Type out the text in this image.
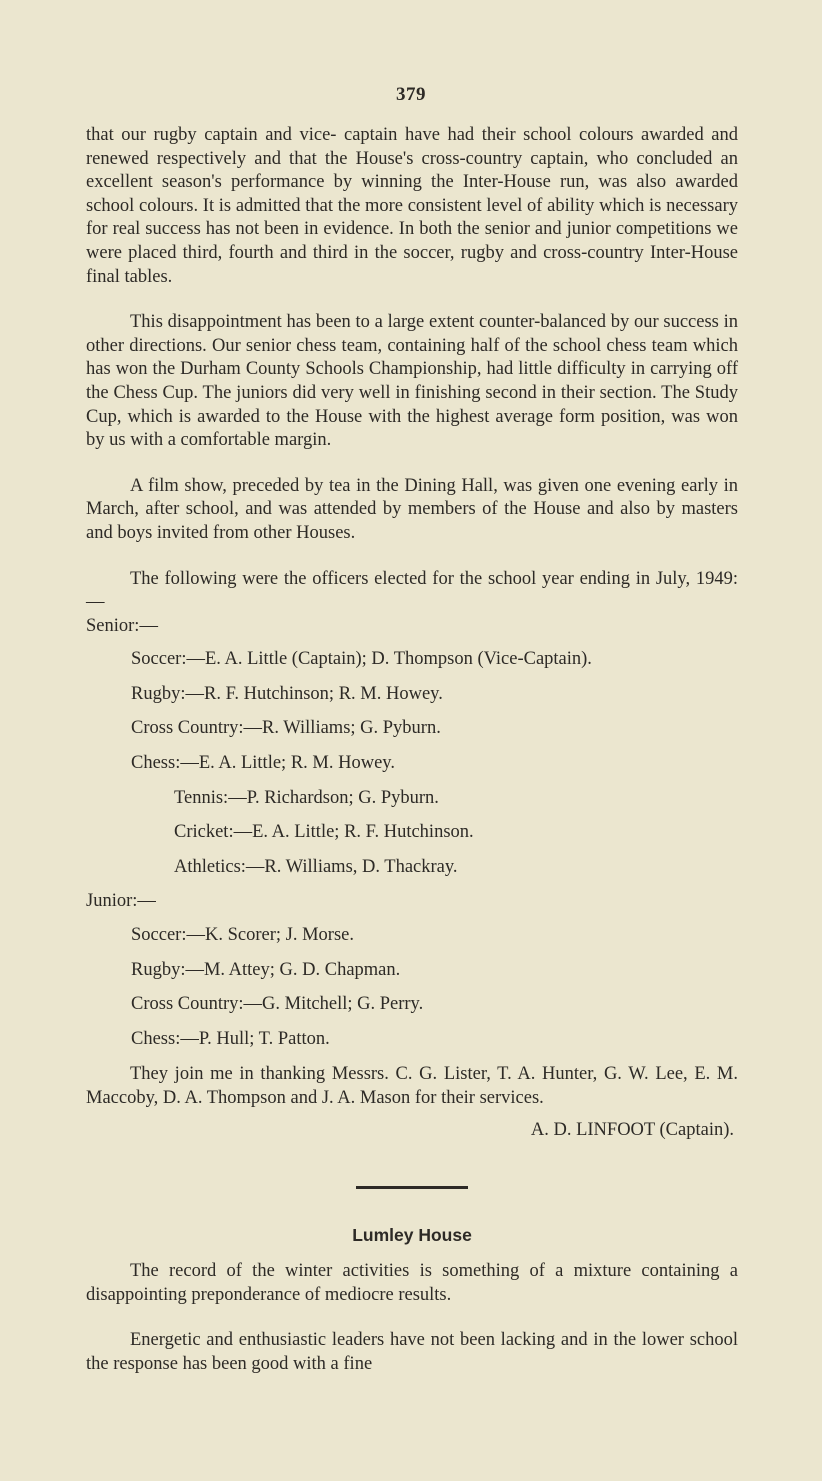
379

that our rugby captain and vice- captain have had their school colours awarded and renewed respectively and that the House's cross-country captain, who concluded an excellent season's performance by winning the Inter-House run, was also awarded school colours. It is admitted that the more consistent level of ability which is necessary for real success has not been in evidence. In both the senior and junior competitions we were placed third, fourth and third in the soccer, rugby and cross-country Inter-House final tables.

This disappointment has been to a large extent counter-balanced by our success in other directions. Our senior chess team, containing half of the school chess team which has won the Durham County Schools Championship, had little difficulty in carrying off the Chess Cup. The juniors did very well in finishing second in their section. The Study Cup, which is awarded to the House with the highest average form position, was won by us with a comfortable margin.

A film show, preceded by tea in the Dining Hall, was given one evening early in March, after school, and was attended by members of the House and also by masters and boys invited from other Houses.

The following were the officers elected for the school year ending in July, 1949:—

Senior:—

Soccer:—E. A. Little (Captain); D. Thompson (Vice-Captain).

Rugby:—R. F. Hutchinson; R. M. Howey.

Cross Country:—R. Williams; G. Pyburn.

Chess:—E. A. Little; R. M. Howey.

Tennis:—P. Richardson; G. Pyburn.

Cricket:—E. A. Little; R. F. Hutchinson.

Athletics:—R. Williams, D. Thackray.

Junior:—

Soccer:—K. Scorer; J. Morse.

Rugby:—M. Attey; G. D. Chapman.

Cross Country:—G. Mitchell; G. Perry.

Chess:—P. Hull; T. Patton.

They join me in thanking Messrs. C. G. Lister, T. A. Hunter, G. W. Lee, E. M. Maccoby, D. A. Thompson and J. A. Mason for their services.

A. D. LINFOOT (Captain).

Lumley House

The record of the winter activities is something of a mixture containing a disappointing preponderance of mediocre results.

Energetic and enthusiastic leaders have not been lacking and in the lower school the response has been good with a fine
